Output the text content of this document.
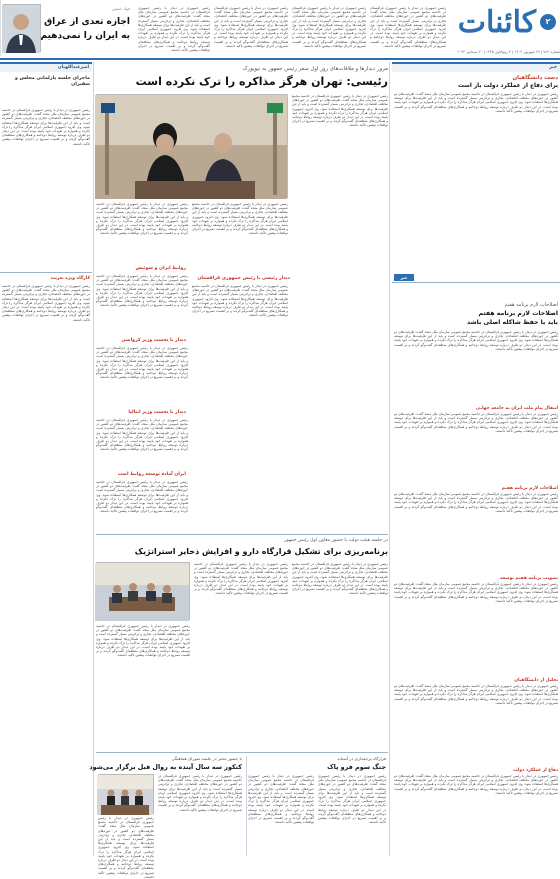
۲
کائنات
شماره ۷۸۳ | ۲۹ شهریور ۱۴۰۲ | ۴ ربیع‌الاول ۱۴۴۵ | ۲۰ سپتامبر ۲۰۲۳
رئیس جمهوری در دیدار با رئیس جمهوری قزاقستان در حاشیه مجمع عمومی سازمان ملل متحد گفت: ظرفیت‌های دو کشور در حوزه‌های مختلف اقتصادی، تجاری و ترانزیتی بسیار گسترده است و باید از این ظرفیت‌ها برای توسعه همکاری‌ها استفاده شود. وی افزود جمهوری اسلامی ایران هرگز مذاکره را ترک نکرده و همواره بر تعهدات خود پایبند بوده است. در این دیدار دو طرف درباره توسعه روابط دوجانبه و همکاری‌های منطقه‌ای گفت‌وگو کردند و بر اهمیت تسریع در اجرای توافقات پیشین تاکید داشتند.
رئیس جمهوری در دیدار با رئیس جمهوری قزاقستان در حاشیه مجمع عمومی سازمان ملل متحد گفت: ظرفیت‌های دو کشور در حوزه‌های مختلف اقتصادی، تجاری و ترانزیتی بسیار گسترده است و باید از این ظرفیت‌ها برای توسعه همکاری‌ها استفاده شود. وی افزود جمهوری اسلامی ایران هرگز مذاکره را ترک نکرده و همواره بر تعهدات خود پایبند بوده است. در این دیدار دو طرف درباره توسعه روابط دوجانبه و همکاری‌های منطقه‌ای گفت‌وگو کردند و بر اهمیت تسریع در اجرای توافقات پیشین تاکید داشتند.
رئیس جمهوری در دیدار با رئیس جمهوری قزاقستان در حاشیه مجمع عمومی سازمان ملل متحد گفت: ظرفیت‌های دو کشور در حوزه‌های مختلف اقتصادی، تجاری و ترانزیتی بسیار گسترده است و باید از این ظرفیت‌ها برای توسعه همکاری‌ها استفاده شود. وی افزود جمهوری اسلامی ایران هرگز مذاکره را ترک نکرده و همواره بر تعهدات خود پایبند بوده است. در این دیدار دو طرف درباره توسعه روابط دوجانبه و همکاری‌های منطقه‌ای گفت‌وگو کردند و بر اهمیت تسریع در اجرای توافقات پیشین تاکید داشتند.
رئیس جمهوری در دیدار با رئیس جمهوری قزاقستان در حاشیه مجمع عمومی سازمان ملل متحد گفت: ظرفیت‌های دو کشور در حوزه‌های مختلف اقتصادی، تجاری و ترانزیتی بسیار گسترده است و باید از این ظرفیت‌ها برای توسعه همکاری‌ها استفاده شود. وی افزود جمهوری اسلامی ایران هرگز مذاکره را ترک نکرده و همواره بر تعهدات خود پایبند بوده است. در این دیدار دو طرف درباره توسعه روابط دوجانبه و همکاری‌های منطقه‌ای گفت‌وگو کردند و بر اهمیت تسریع در اجرای توافقات پیشین تاکید داشتند.
فواد حسین
اجازه تعدی از عراق
به ایران را نمی‌دهیم
خبر
دست دانشگاهیان
برای دفاع از عملکرد دولت باز است
رئیس جمهوری در دیدار با رئیس جمهوری قزاقستان در حاشیه مجمع عمومی سازمان ملل متحد گفت: ظرفیت‌های دو کشور در حوزه‌های مختلف اقتصادی، تجاری و ترانزیتی بسیار گسترده است و باید از این ظرفیت‌ها برای توسعه همکاری‌ها استفاده شود. وی افزود جمهوری اسلامی ایران هرگز مذاکره را ترک نکرده و همواره بر تعهدات خود پایبند بوده است. در این دیدار دو طرف درباره توسعه روابط دوجانبه و همکاری‌های منطقه‌ای گفت‌وگو کردند و بر اهمیت تسریع در اجرای توافقات پیشین تاکید داشتند.
خبر
اصلاحات لازم برنامه هفتم
اصلاحات لازم برنامه هفتم
باید با حفظ شاکله اصلی باشد
رئیس جمهوری در دیدار با رئیس جمهوری قزاقستان در حاشیه مجمع عمومی سازمان ملل متحد گفت: ظرفیت‌های دو کشور در حوزه‌های مختلف اقتصادی، تجاری و ترانزیتی بسیار گسترده است و باید از این ظرفیت‌ها برای توسعه همکاری‌ها استفاده شود. وی افزود جمهوری اسلامی ایران هرگز مذاکره را ترک نکرده و همواره بر تعهدات خود پایبند بوده است. در این دیدار دو طرف درباره توسعه روابط دوجانبه و همکاری‌های منطقه‌ای گفت‌وگو کردند و بر اهمیت تسریع در اجرای توافقات پیشین تاکید داشتند.
انتقال پیام ملت ایران به جامعه جهانی
رئیس جمهوری در دیدار با رئیس جمهوری قزاقستان در حاشیه مجمع عمومی سازمان ملل متحد گفت: ظرفیت‌های دو کشور در حوزه‌های مختلف اقتصادی، تجاری و ترانزیتی بسیار گسترده است و باید از این ظرفیت‌ها برای توسعه همکاری‌ها استفاده شود. وی افزود جمهوری اسلامی ایران هرگز مذاکره را ترک نکرده و همواره بر تعهدات خود پایبند بوده است. در این دیدار دو طرف درباره توسعه روابط دوجانبه و همکاری‌های منطقه‌ای گفت‌وگو کردند و بر اهمیت تسریع در اجرای توافقات پیشین تاکید داشتند.
اصلاحات لازم برنامه هفتم
رئیس جمهوری در دیدار با رئیس جمهوری قزاقستان در حاشیه مجمع عمومی سازمان ملل متحد گفت: ظرفیت‌های دو کشور در حوزه‌های مختلف اقتصادی، تجاری و ترانزیتی بسیار گسترده است و باید از این ظرفیت‌ها برای توسعه همکاری‌ها استفاده شود. وی افزود جمهوری اسلامی ایران هرگز مذاکره را ترک نکرده و همواره بر تعهدات خود پایبند بوده است. در این دیدار دو طرف درباره توسعه روابط دوجانبه و همکاری‌های منطقه‌ای گفت‌وگو کردند و بر اهمیت تسریع در اجرای توافقات پیشین تاکید داشتند.
تصویب برنامه هفتم توسعه
رئیس جمهوری در دیدار با رئیس جمهوری قزاقستان در حاشیه مجمع عمومی سازمان ملل متحد گفت: ظرفیت‌های دو کشور در حوزه‌های مختلف اقتصادی، تجاری و ترانزیتی بسیار گسترده است و باید از این ظرفیت‌ها برای توسعه همکاری‌ها استفاده شود. وی افزود جمهوری اسلامی ایران هرگز مذاکره را ترک نکرده و همواره بر تعهدات خود پایبند بوده است. در این دیدار دو طرف درباره توسعه روابط دوجانبه و همکاری‌های منطقه‌ای گفت‌وگو کردند و بر اهمیت تسریع در اجرای توافقات پیشین تاکید داشتند.
تجلیل از دانشگاهیان
رئیس جمهوری در دیدار با رئیس جمهوری قزاقستان در حاشیه مجمع عمومی سازمان ملل متحد گفت: ظرفیت‌های دو کشور در حوزه‌های مختلف اقتصادی، تجاری و ترانزیتی بسیار گسترده است و باید از این ظرفیت‌ها برای توسعه همکاری‌ها استفاده شود. وی افزود جمهوری اسلامی ایران هرگز مذاکره را ترک نکرده و همواره بر تعهدات خود پایبند بوده است. در این دیدار دو طرف درباره توسعه روابط دوجانبه و همکاری‌های منطقه‌ای گفت‌وگو کردند و بر اهمیت تسریع در اجرای توافقات پیشین تاکید داشتند.
دفاع از عملکرد دولت
رئیس جمهوری در دیدار با رئیس جمهوری قزاقستان در حاشیه مجمع عمومی سازمان ملل متحد گفت: ظرفیت‌های دو کشور در حوزه‌های مختلف اقتصادی، تجاری و ترانزیتی بسیار گسترده است و باید از این ظرفیت‌ها برای توسعه همکاری‌ها استفاده شود. وی افزود جمهوری اسلامی ایران هرگز مذاکره را ترک نکرده و همواره بر تعهدات خود پایبند بوده است. در این دیدار دو طرف درباره توسعه روابط دوجانبه و همکاری‌های منطقه‌ای گفت‌وگو کردند و بر اهمیت تسریع در اجرای توافقات پیشین تاکید داشتند.
مرور دیدارها و ملاقات‌های روز اول سفر رئیس جمهور به نیویورک
رئیسی: تهران هرگز مذاکره را ترک نکرده است
رئیس جمهوری در دیدار با رئیس جمهوری قزاقستان در حاشیه مجمع عمومی سازمان ملل متحد گفت: ظرفیت‌های دو کشور در حوزه‌های مختلف اقتصادی، تجاری و ترانزیتی بسیار گسترده است و باید از این ظرفیت‌ها برای توسعه همکاری‌ها استفاده شود. وی افزود جمهوری اسلامی ایران هرگز مذاکره را ترک نکرده و همواره بر تعهدات خود پایبند بوده است. در این دیدار دو طرف درباره توسعه روابط دوجانبه و همکاری‌های منطقه‌ای گفت‌وگو کردند و بر اهمیت تسریع در اجرای توافقات پیشین تاکید داشتند.
رئیس جمهوری در دیدار با رئیس جمهوری قزاقستان در حاشیه مجمع عمومی سازمان ملل متحد گفت: ظرفیت‌های دو کشور در حوزه‌های مختلف اقتصادی، تجاری و ترانزیتی بسیار گسترده است و باید از این ظرفیت‌ها برای توسعه همکاری‌ها استفاده شود. وی افزود جمهوری اسلامی ایران هرگز مذاکره را ترک نکرده و همواره بر تعهدات خود پایبند بوده است. در این دیدار دو طرف درباره توسعه روابط دوجانبه و همکاری‌های منطقه‌ای گفت‌وگو کردند و بر اهمیت تسریع در اجرای توافقات پیشین تاکید داشتند.
دیدار رئیسی با رئیس جمهوری قزاقستان
رئیس جمهوری در دیدار با رئیس جمهوری قزاقستان در حاشیه مجمع عمومی سازمان ملل متحد گفت: ظرفیت‌های دو کشور در حوزه‌های مختلف اقتصادی، تجاری و ترانزیتی بسیار گسترده است و باید از این ظرفیت‌ها برای توسعه همکاری‌ها استفاده شود. وی افزود جمهوری اسلامی ایران هرگز مذاکره را ترک نکرده و همواره بر تعهدات خود پایبند بوده است. در این دیدار دو طرف درباره توسعه روابط دوجانبه و همکاری‌های منطقه‌ای گفت‌وگو کردند و بر اهمیت تسریع در اجرای توافقات پیشین تاکید داشتند.
رئیس جمهوری در دیدار با رئیس جمهوری قزاقستان در حاشیه مجمع عمومی سازمان ملل متحد گفت: ظرفیت‌های دو کشور در حوزه‌های مختلف اقتصادی، تجاری و ترانزیتی بسیار گسترده است و باید از این ظرفیت‌ها برای توسعه همکاری‌ها استفاده شود. وی افزود جمهوری اسلامی ایران هرگز مذاکره را ترک نکرده و همواره بر تعهدات خود پایبند بوده است. در این دیدار دو طرف درباره توسعه روابط دوجانبه و همکاری‌های منطقه‌ای گفت‌وگو کردند و بر اهمیت تسریع در اجرای توافقات پیشین تاکید داشتند.
روابط ایران و سوئیس
رئیس جمهوری در دیدار با رئیس جمهوری قزاقستان در حاشیه مجمع عمومی سازمان ملل متحد گفت: ظرفیت‌های دو کشور در حوزه‌های مختلف اقتصادی، تجاری و ترانزیتی بسیار گسترده است و باید از این ظرفیت‌ها برای توسعه همکاری‌ها استفاده شود. وی افزود جمهوری اسلامی ایران هرگز مذاکره را ترک نکرده و همواره بر تعهدات خود پایبند بوده است. در این دیدار دو طرف درباره توسعه روابط دوجانبه و همکاری‌های منطقه‌ای گفت‌وگو کردند و بر اهمیت تسریع در اجرای توافقات پیشین تاکید داشتند.
دیدار با نخست وزیر کرواسی
رئیس جمهوری در دیدار با رئیس جمهوری قزاقستان در حاشیه مجمع عمومی سازمان ملل متحد گفت: ظرفیت‌های دو کشور در حوزه‌های مختلف اقتصادی، تجاری و ترانزیتی بسیار گسترده است و باید از این ظرفیت‌ها برای توسعه همکاری‌ها استفاده شود. وی افزود جمهوری اسلامی ایران هرگز مذاکره را ترک نکرده و همواره بر تعهدات خود پایبند بوده است. در این دیدار دو طرف درباره توسعه روابط دوجانبه و همکاری‌های منطقه‌ای گفت‌وگو کردند و بر اهمیت تسریع در اجرای توافقات پیشین تاکید داشتند.
دیدار با نخست وزیر ایتالیا
رئیس جمهوری در دیدار با رئیس جمهوری قزاقستان در حاشیه مجمع عمومی سازمان ملل متحد گفت: ظرفیت‌های دو کشور در حوزه‌های مختلف اقتصادی، تجاری و ترانزیتی بسیار گسترده است و باید از این ظرفیت‌ها برای توسعه همکاری‌ها استفاده شود. وی افزود جمهوری اسلامی ایران هرگز مذاکره را ترک نکرده و همواره بر تعهدات خود پایبند بوده است. در این دیدار دو طرف درباره توسعه روابط دوجانبه و همکاری‌های منطقه‌ای گفت‌وگو کردند و بر اهمیت تسریع در اجرای توافقات پیشین تاکید داشتند.
ایران آماده توسعه روابط است
رئیس جمهوری در دیدار با رئیس جمهوری قزاقستان در حاشیه مجمع عمومی سازمان ملل متحد گفت: ظرفیت‌های دو کشور در حوزه‌های مختلف اقتصادی، تجاری و ترانزیتی بسیار گسترده است و باید از این ظرفیت‌ها برای توسعه همکاری‌ها استفاده شود. وی افزود جمهوری اسلامی ایران هرگز مذاکره را ترک نکرده و همواره بر تعهدات خود پایبند بوده است. در این دیدار دو طرف درباره توسعه روابط دوجانبه و همکاری‌های منطقه‌ای گفت‌وگو کردند و بر اهمیت تسریع در اجرای توافقات پیشین تاکید داشتند.
امیرعبداللهیان
ماجرای جلسه پارلمانی مجلس و سفیران
رئیس جمهوری در دیدار با رئیس جمهوری قزاقستان در حاشیه مجمع عمومی سازمان ملل متحد گفت: ظرفیت‌های دو کشور در حوزه‌های مختلف اقتصادی، تجاری و ترانزیتی بسیار گسترده است و باید از این ظرفیت‌ها برای توسعه همکاری‌ها استفاده شود. وی افزود جمهوری اسلامی ایران هرگز مذاکره را ترک نکرده و همواره بر تعهدات خود پایبند بوده است. در این دیدار دو طرف درباره توسعه روابط دوجانبه و همکاری‌های منطقه‌ای گفت‌وگو کردند و بر اهمیت تسریع در اجرای توافقات پیشین تاکید داشتند.
کارگاه ویژه تعزیت
رئیس جمهوری در دیدار با رئیس جمهوری قزاقستان در حاشیه مجمع عمومی سازمان ملل متحد گفت: ظرفیت‌های دو کشور در حوزه‌های مختلف اقتصادی، تجاری و ترانزیتی بسیار گسترده است و باید از این ظرفیت‌ها برای توسعه همکاری‌ها استفاده شود. وی افزود جمهوری اسلامی ایران هرگز مذاکره را ترک نکرده و همواره بر تعهدات خود پایبند بوده است. در این دیدار دو طرف درباره توسعه روابط دوجانبه و همکاری‌های منطقه‌ای گفت‌وگو کردند و بر اهمیت تسریع در اجرای توافقات پیشین تاکید داشتند.
در جلسه هیئت دولت با حضور معاون اول رئیس جمهور
برنامه‌ریزی برای تشکیل قرارگاه دارو و افزایش ذخایر استراتژیک
رئیس جمهوری در دیدار با رئیس جمهوری قزاقستان در حاشیه مجمع عمومی سازمان ملل متحد گفت: ظرفیت‌های دو کشور در حوزه‌های مختلف اقتصادی، تجاری و ترانزیتی بسیار گسترده است و باید از این ظرفیت‌ها برای توسعه همکاری‌ها استفاده شود. وی افزود جمهوری اسلامی ایران هرگز مذاکره را ترک نکرده و همواره بر تعهدات خود پایبند بوده است. در این دیدار دو طرف درباره توسعه روابط دوجانبه و همکاری‌های منطقه‌ای گفت‌وگو کردند و بر اهمیت تسریع در اجرای توافقات پیشین تاکید داشتند.
رئیس جمهوری در دیدار با رئیس جمهوری قزاقستان در حاشیه مجمع عمومی سازمان ملل متحد گفت: ظرفیت‌های دو کشور در حوزه‌های مختلف اقتصادی، تجاری و ترانزیتی بسیار گسترده است و باید از این ظرفیت‌ها برای توسعه همکاری‌ها استفاده شود. وی افزود جمهوری اسلامی ایران هرگز مذاکره را ترک نکرده و همواره بر تعهدات خود پایبند بوده است. در این دیدار دو طرف درباره توسعه روابط دوجانبه و همکاری‌های منطقه‌ای گفت‌وگو کردند و بر اهمیت تسریع در اجرای توافقات پیشین تاکید داشتند.
رئیس جمهوری در دیدار با رئیس جمهوری قزاقستان در حاشیه مجمع عمومی سازمان ملل متحد گفت: ظرفیت‌های دو کشور در حوزه‌های مختلف اقتصادی، تجاری و ترانزیتی بسیار گسترده است و باید از این ظرفیت‌ها برای توسعه همکاری‌ها استفاده شود. وی افزود جمهوری اسلامی ایران هرگز مذاکره را ترک نکرده و همواره بر تعهدات خود پایبند بوده است. در این دیدار دو طرف درباره توسعه روابط دوجانبه و همکاری‌های منطقه‌ای گفت‌وگو کردند و بر اهمیت تسریع در اجرای توافقات پیشین تاکید داشتند.
با حضور مخبر در جلسه شورای هماهنگی
کنکور سه سال آینده به روال قبل برگزار می‌شود
رئیس جمهوری در دیدار با رئیس جمهوری قزاقستان در حاشیه مجمع عمومی سازمان ملل متحد گفت: ظرفیت‌های دو کشور در حوزه‌های مختلف اقتصادی، تجاری و ترانزیتی بسیار گسترده است و باید از این ظرفیت‌ها برای توسعه همکاری‌ها استفاده شود. وی افزود جمهوری اسلامی ایران هرگز مذاکره را ترک نکرده و همواره بر تعهدات خود پایبند بوده است. در این دیدار دو طرف درباره توسعه روابط دوجانبه و همکاری‌های منطقه‌ای گفت‌وگو کردند و بر اهمیت تسریع در اجرای توافقات پیشین تاکید داشتند.
رئیس جمهوری در دیدار با رئیس جمهوری قزاقستان در حاشیه مجمع عمومی سازمان ملل متحد گفت: ظرفیت‌های دو کشور در حوزه‌های مختلف اقتصادی، تجاری و ترانزیتی بسیار گسترده است و باید از این ظرفیت‌ها برای توسعه همکاری‌ها استفاده شود. وی افزود جمهوری اسلامی ایران هرگز مذاکره را ترک نکرده و همواره بر تعهدات خود پایبند بوده است. در این دیدار دو طرف درباره توسعه روابط دوجانبه و همکاری‌های منطقه‌ای گفت‌وگو کردند و بر اهمیت تسریع در اجرای توافقات پیشین تاکید داشتند.
قرارگاه پرچمداری در آستانه
جنگ سوم فرو پاک
رئیس جمهوری در دیدار با رئیس جمهوری قزاقستان در حاشیه مجمع عمومی سازمان ملل متحد گفت: ظرفیت‌های دو کشور در حوزه‌های مختلف اقتصادی، تجاری و ترانزیتی بسیار گسترده است و باید از این ظرفیت‌ها برای توسعه همکاری‌ها استفاده شود. وی افزود جمهوری اسلامی ایران هرگز مذاکره را ترک نکرده و همواره بر تعهدات خود پایبند بوده است. در این دیدار دو طرف درباره توسعه روابط دوجانبه و همکاری‌های منطقه‌ای گفت‌وگو کردند و بر اهمیت تسریع در اجرای توافقات پیشین تاکید داشتند.
رئیس جمهوری در دیدار با رئیس جمهوری قزاقستان در حاشیه مجمع عمومی سازمان ملل متحد گفت: ظرفیت‌های دو کشور در حوزه‌های مختلف اقتصادی، تجاری و ترانزیتی بسیار گسترده است و باید از این ظرفیت‌ها برای توسعه همکاری‌ها استفاده شود. وی افزود جمهوری اسلامی ایران هرگز مذاکره را ترک نکرده و همواره بر تعهدات خود پایبند بوده است. در این دیدار دو طرف درباره توسعه روابط دوجانبه و همکاری‌های منطقه‌ای گفت‌وگو کردند و بر اهمیت تسریع در اجرای توافقات پیشین تاکید داشتند.
